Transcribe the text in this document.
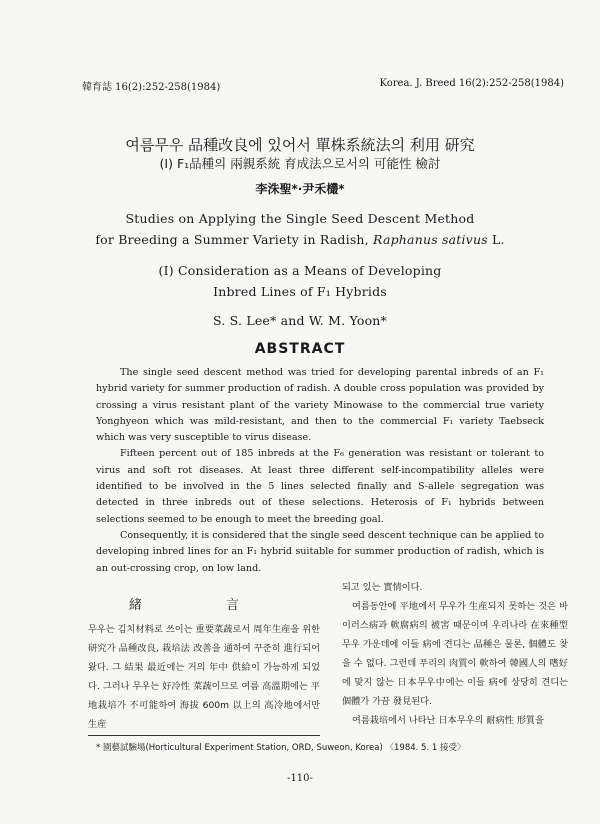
韓育誌 16(2):252-258(1984)	Korea. J. Breed 16(2):252-258(1984)
여름무우 品種改良에 있어서 單株系統法의 利用 研究
(Ⅰ) F₁品種의 兩親系統 育成法으로서의 可能性 檢討
李洙聖*·尹禾欉*
Studies on Applying the Single Seed Descent Method
for Breeding a Summer Variety in Radish, Raphanus sativus L.
(Ⅰ) Consideration as a Means of Developing
Inbred Lines of F₁ Hybrids
S. S. Lee* and W. M. Yoon*
ABSTRACT

The single seed descent method was tried for developing parental inbreds of an F₁ hybrid variety for summer production of radish. A double cross population was provided by crossing a virus resistant plant of the variety Minowase to the commercial true variety Yonghyeon which was mild-resistant, and then to the commercial F₁ variety Taebseck which was very susceptible to virus disease.

Fifteen percent out of 185 inbreds at the F₆ generation was resistant or tolerant to virus and soft rot diseases. At least three different self-incompatibility alleles were identified to be involved in the 5 lines selected finally and S-allele segregation was detected in three inbreds out of these selections. Heterosis of F₁ hybrids between selections seemed to be enough to meet the breeding goal.

Consequently, it is considered that the single seed descent technique can be applied to developing inbred lines for an F₁ hybrid suitable for summer production of radish, which is an out-crossing crop, on low land.

緒 言

무우는 김치材料로 쓰이는 重要菜蔬로서 周年生産을 위한 研究가 品種改良, 栽培法 改善을 通하여 꾸준히 進行되어 왔다. 그 結果 最近에는 거의 年中 供給이 가능하게 되었다. 그러나 무우는 好冷性 菜蔬이므로 여름 高溫期에는 平地栽培가 不可能하여 海拔 600m 以上의 高冷地에서만 生産

되고 있는 實情이다.

여름동안에 平地에서 무우가 生産되지 못하는 것은 바이러스病과 軟腐病의 被害 때문이며 우리나라 在來種型 무우 가운데에 이들 病에 견디는 品種은 물론, 個體도 찾을 수 없다. 그런데 푸리의 肉質이 軟하여 韓國人의 嗜好에 맞지 않는 日本무우中에는 이들 病에 상당히 견디는 個體가 가끔 發見된다.

여름栽培에서 나타난 日本무우의 耐病性 形質을

* 園藝試驗場(Horticultural Experiment Station, ORD, Suweon, Korea) 〈1984. 5. 1 接受〉
-110-
